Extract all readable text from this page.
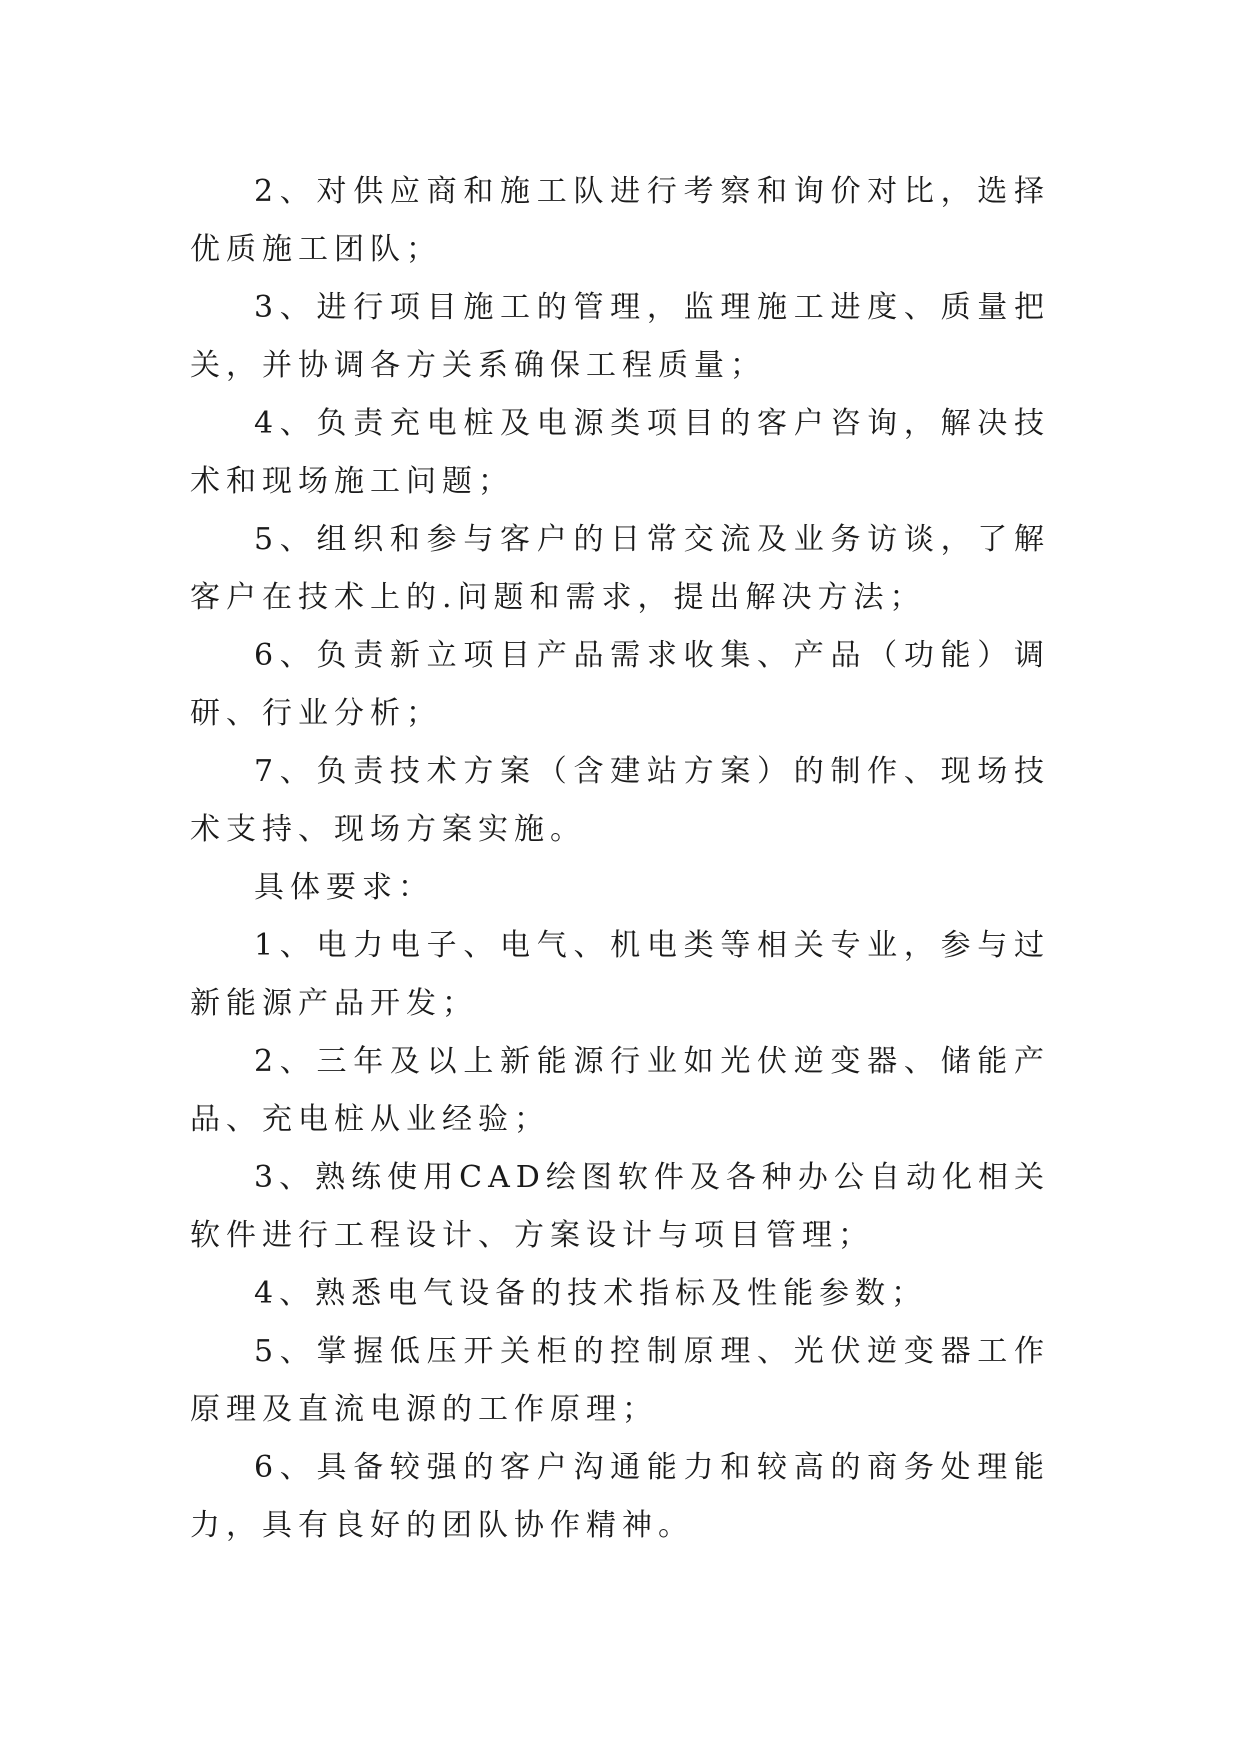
2、对供应商和施工队进行考察和询价对比，选择优质施工团队；

3、进行项目施工的管理，监理施工进度、质量把关，并协调各方关系确保工程质量；

4、负责充电桩及电源类项目的客户咨询，解决技术和现场施工问题；

5、组织和参与客户的日常交流及业务访谈，了解客户在技术上的.问题和需求，提出解决方法；

6、负责新立项目产品需求收集、产品（功能）调研、行业分析；

7、负责技术方案（含建站方案）的制作、现场技术支持、现场方案实施。

具体要求：

1、电力电子、电气、机电类等相关专业，参与过新能源产品开发；

2、三年及以上新能源行业如光伏逆变器、储能产品、充电桩从业经验；

3、熟练使用CAD绘图软件及各种办公自动化相关软件进行工程设计、方案设计与项目管理；

4、熟悉电气设备的技术指标及性能参数；

5、掌握低压开关柜的控制原理、光伏逆变器工作原理及直流电源的工作原理；

6、具备较强的客户沟通能力和较高的商务处理能力，具有良好的团队协作精神。
